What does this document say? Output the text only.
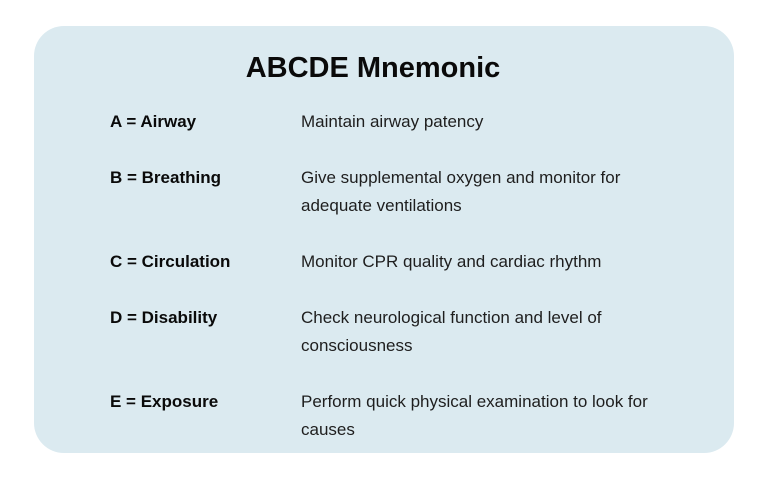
ABCDE Mnemonic
A = Airway	Maintain airway patency
B = Breathing	Give supplemental oxygen and monitor for adequate ventilations
C = Circulation	Monitor CPR quality and cardiac rhythm
D = Disability	Check neurological function and level of consciousness
E = Exposure	Perform quick physical examination to look for causes
